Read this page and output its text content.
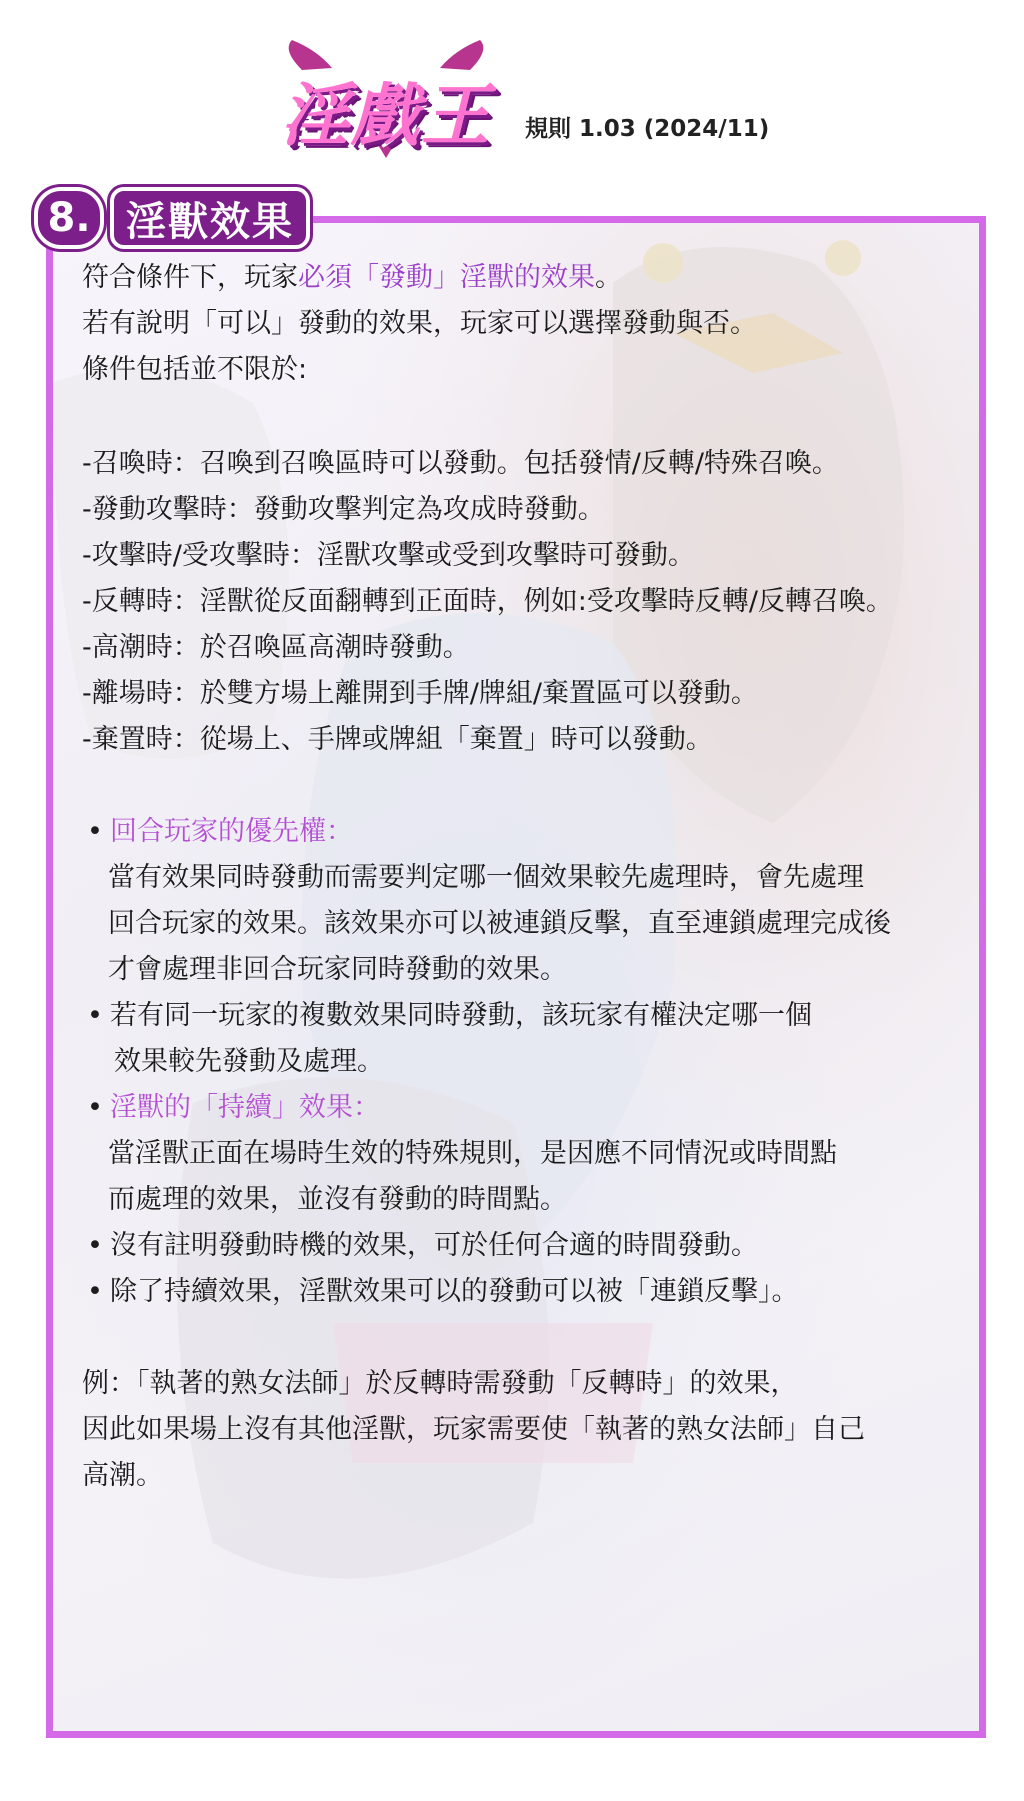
淫戲王	規則 1.03 (2024/11)
8. 淫獸效果
符合條件下，玩家必須「發動」淫獸的效果。
若有說明「可以」發動的效果，玩家可以選擇發動與否。
條件包括並不限於:
-召喚時：召喚到召喚區時可以發動。包括發情/反轉/特殊召喚。
-發動攻擊時：發動攻擊判定為攻成時發動。
-攻擊時/受攻擊時：淫獸攻擊或受到攻擊時可發動。
-反轉時：淫獸從反面翻轉到正面時，例如:受攻擊時反轉/反轉召喚。
-高潮時：於召喚區高潮時發動。
-離場時：於雙方場上離開到手牌/牌組/棄置區可以發動。
-棄置時：從場上、手牌或牌組「棄置」時可以發動。
• 回合玩家的優先權：
當有效果同時發動而需要判定哪一個效果較先處理時，會先處理
回合玩家的效果。該效果亦可以被連鎖反擊，直至連鎖處理完成後
才會處理非回合玩家同時發動的效果。
• 若有同一玩家的複數效果同時發動，該玩家有權決定哪一個
效果較先發動及處理。
• 淫獸的「持續」效果：
當淫獸正面在場時生效的特殊規則，是因應不同情況或時間點
而處理的效果，並沒有發動的時間點。
• 沒有註明發動時機的效果，可於任何合適的時間發動。
• 除了持續效果，淫獸效果可以的發動可以被「連鎖反擊」。
例：「執著的熟女法師」於反轉時需發動「反轉時」的效果，
因此如果場上沒有其他淫獸，玩家需要使「執著的熟女法師」自己
高潮。
